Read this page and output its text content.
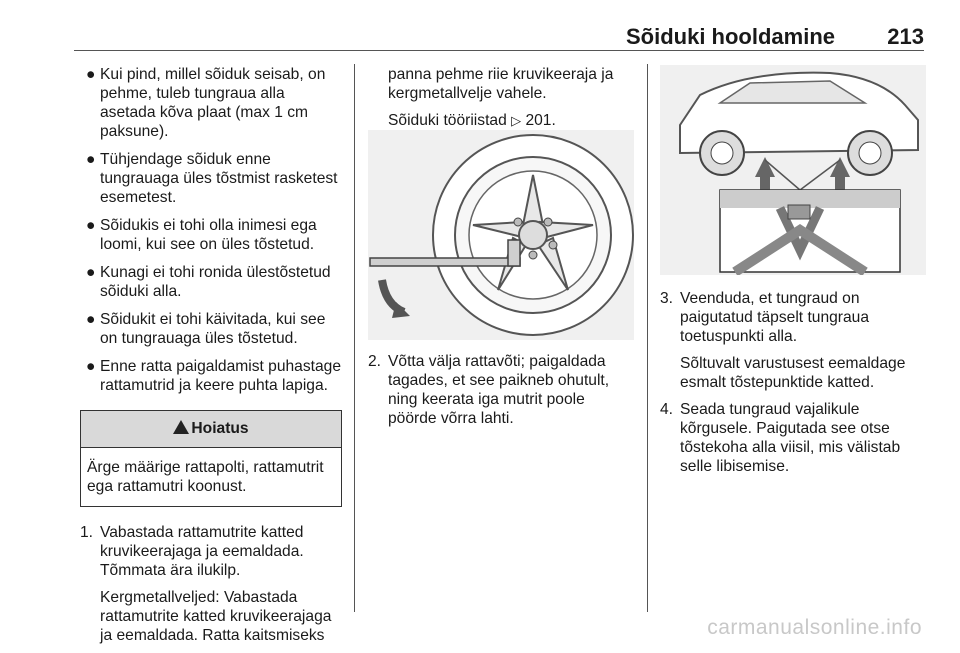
Sõiduki hooldamine 213
● Kui pind, millel sõiduk seisab, on pehme, tuleb tungraua alla asetada kõva plaat (max 1 cm paksune).
● Tühjendage sõiduk enne tungrauaga üles tõstmist rasketest esemetest.
● Sõidukis ei tohi olla inimesi ega loomi, kui see on üles tõstetud.
● Kunagi ei tohi ronida ülestõstetud sõiduki alla.
● Sõidukit ei tohi käivitada, kui see on tungrauaga üles tõstetud.
● Enne ratta paigaldamist puhastage rattamutrid ja keere puhta lapiga.
Hoiatus
Ärge määrige rattapolti, rattamutrit ega rattamutri koonust.
1. Vabastada rattamutrite katted kruvikeerajaga ja eemaldada. Tõmmata ära ilukilp.

Kergmetallveljed: Vabastada rattamutrite katted kruvikeerajaga ja eemaldada. Ratta kaitsmiseks

panna pehme riie kruvikeeraja ja kergmetallvelje vahele.

Sõiduki tööriistad ▷ 201.

2. Võtta välja rattavõti; paigaldada tagades, et see paikneb ohutult, ning keerata iga mutrit poole pöörde võrra lahti.

3. Veenduda, et tungraud on paigutatud täpselt tungraua toetuspunkti alla.

Sõltuvalt varustusest eemaldage esmalt tõstepunktide katted.

4. Seada tungraud vajalikule kõrgusele. Paigutada see otse tõstekoha alla viisil, mis välistab selle libisemise.

carmanualsonline.info
